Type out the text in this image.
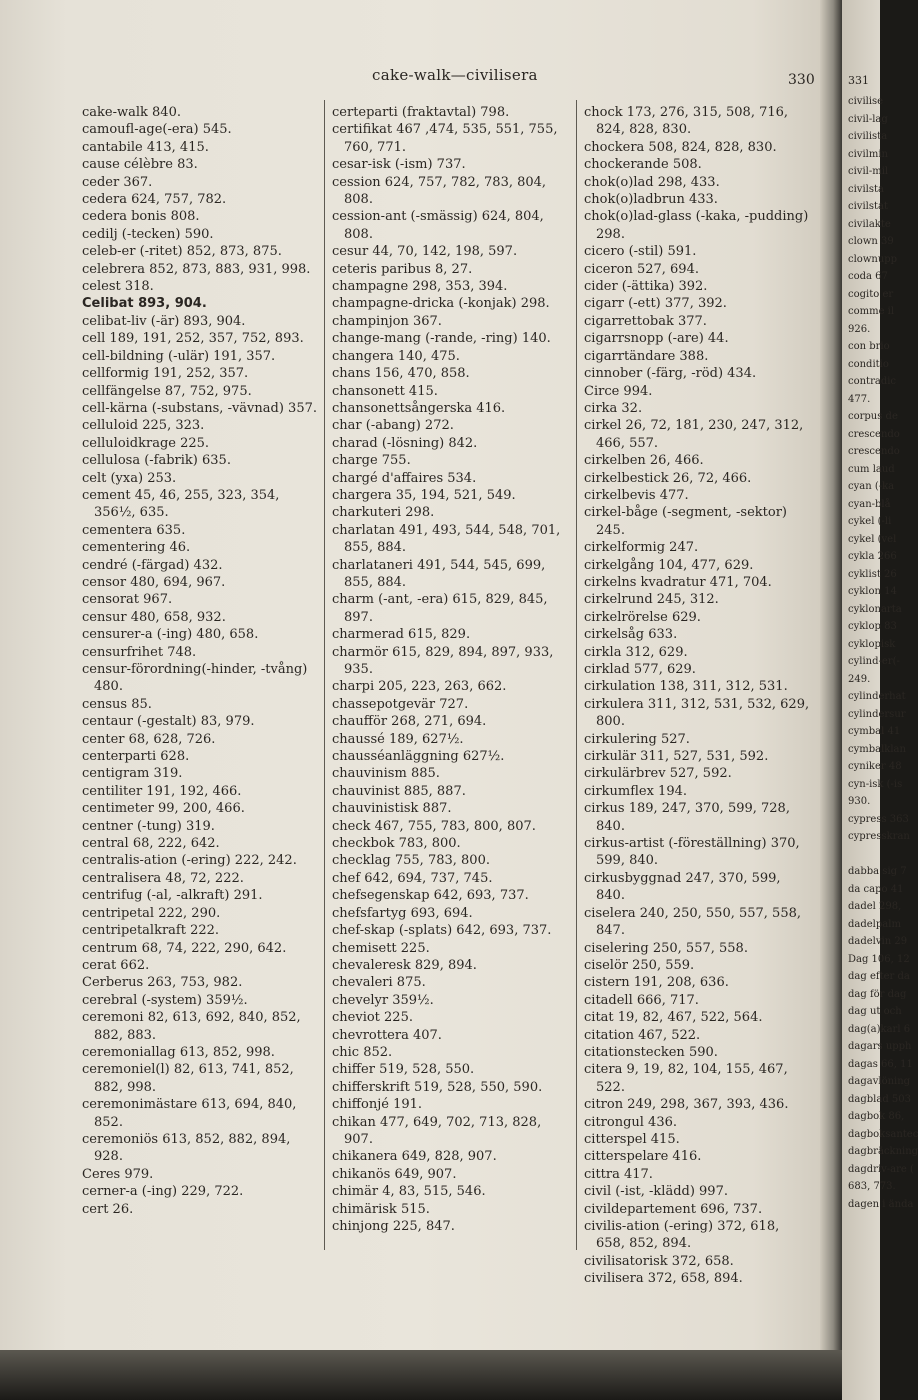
cake-walk—civilisera	330

cake-walk 840.

camoufl-age(-era) 545.

cantabile 413, 415.

cause célèbre 83.

ceder 367.

cedera 624, 757, 782.

cedera bonis 808.

cedilj (-tecken) 590.

celeb-er (-ritet) 852, 873, 875.

celebrera 852, 873, 883, 931, 998.

celest 318.

Celibat 893, 904.

celibat-liv (-är) 893, 904.

cell 189, 191, 252, 357, 752, 893.

cell-bildning (-ulär) 191, 357.

cellformig 191, 252, 357.

cellfängelse 87, 752, 975.

cell-kärna (-substans, -vävnad) 357.

celluloid 225, 323.

celluloidkrage 225.

cellulosa (-fabrik) 635.

celt (yxa) 253.

cement 45, 46, 255, 323, 354, 356½, 635.

cementera 635.

cementering 46.

cendré (-färgad) 432.

censor 480, 694, 967.

censorat 967.

censur 480, 658, 932.

censurer-a (-ing) 480, 658.

censurfrihet 748.

censur-förordning(-hinder, -tvång) 480.

census 85.

centaur (-gestalt) 83, 979.

center 68, 628, 726.

centerparti 628.

centigram 319.

centiliter 191, 192, 466.

centimeter 99, 200, 466.

centner (-tung) 319.

central 68, 222, 642.

centralis-ation (-ering) 222, 242.

centralisera 48, 72, 222.

centrifug (-al, -alkraft) 291.

centripetal 222, 290.

centripetalkraft 222.

centrum 68, 74, 222, 290, 642.

cerat 662.

Cerberus 263, 753, 982.

cerebral (-system) 359½.

ceremoni 82, 613, 692, 840, 852, 882, 883.

ceremoniallag 613, 852, 998.

ceremoniel(l) 82, 613, 741, 852, 882, 998.

ceremonimästare 613, 694, 840, 852.

ceremoniös 613, 852, 882, 894, 928.

Ceres 979.

cerner-a (-ing) 229, 722.

cert 26.

certeparti (fraktavtal) 798.

certifikat 467 ,474, 535, 551, 755, 760, 771.

cesar-isk (-ism) 737.

cession 624, 757, 782, 783, 804, 808.

cession-ant (-smässig) 624, 804, 808.

cesur 44, 70, 142, 198, 597.

ceteris paribus 8, 27.

champagne 298, 353, 394.

champagne-dricka (-konjak) 298.

champinjon 367.

change-mang (-rande, -ring) 140.

changera 140, 475.

chans 156, 470, 858.

chansonett 415.

chansonettsångerska 416.

char (-abang) 272.

charad (-lösning) 842.

charge 755.

chargé d'affaires 534.

chargera 35, 194, 521, 549.

charkuteri 298.

charlatan 491, 493, 544, 548, 701, 855, 884.

charlataneri 491, 544, 545, 699, 855, 884.

charm (-ant, -era) 615, 829, 845, 897.

charmerad 615, 829.

charmör 615, 829, 894, 897, 933, 935.

charpi 205, 223, 263, 662.

chassepotgevär 727.

chaufför 268, 271, 694.

chaussé 189, 627½.

chausséanläggning 627½.

chauvinism 885.

chauvinist 885, 887.

chauvinistisk 887.

check 467, 755, 783, 800, 807.

checkbok 783, 800.

checklag 755, 783, 800.

chef 642, 694, 737, 745.

chefsegenskap 642, 693, 737.

chefsfartyg 693, 694.

chef-skap (-splats) 642, 693, 737.

chemisett 225.

chevaleresk 829, 894.

chevaleri 875.

chevelyr 359½.

cheviot 225.

chevrottera 407.

chic 852.

chiffer 519, 528, 550.

chifferskrift 519, 528, 550, 590.

chiffonjé 191.

chikan 477, 649, 702, 713, 828, 907.

chikanera 649, 828, 907.

chikanös 649, 907.

chimär 4, 83, 515, 546.

chimärisk 515.

chinjong 225, 847.

chock 173, 276, 315, 508, 716, 824, 828, 830.

chockera 508, 824, 828, 830.

chockerande 508.

chok(o)lad 298, 433.

chok(o)ladbrun 433.

chok(o)lad-glass (-kaka, -pudding) 298.

cicero (-stil) 591.

ciceron 527, 694.

cider (-ättika) 392.

cigarr (-ett) 377, 392.

cigarrettobak 377.

cigarrsnopp (-are) 44.

cigarrtändare 388.

cinnober (-färg, -röd) 434.

Circe 994.

cirka 32.

cirkel 26, 72, 181, 230, 247, 312, 466, 557.

cirkelben 26, 466.

cirkelbestick 26, 72, 466.

cirkelbevis 477.

cirkel-båge (-segment, -sektor) 245.

cirkelformig 247.

cirkelgång 104, 477, 629.

cirkelns kvadratur 471, 704.

cirkelrund 245, 312.

cirkelrörelse 629.

cirkelsåg 633.

cirkla 312, 629.

cirklad 577, 629.

cirkulation 138, 311, 312, 531.

cirkulera 311, 312, 531, 532, 629, 800.

cirkulering 527.

cirkulär 311, 527, 531, 592.

cirkulärbrev 527, 592.

cirkumflex 194.

cirkus 189, 247, 370, 599, 728, 840.

cirkus-artist (-föreställning) 370, 599, 840.

cirkusbyggnad 247, 370, 599, 840.

ciselera 240, 250, 550, 557, 558, 847.

ciselering 250, 557, 558.

ciselör 250, 559.

cistern 191, 208, 636.

citadell 666, 717.

citat 19, 82, 467, 522, 564.

citation 467, 522.

citationstecken 590.

citera 9, 19, 82, 104, 155, 467, 522.

citron 249, 298, 367, 393, 436.

citrongul 436.

citterspel 415.

citterspelare 416.

cittra 417.

civil (-ist, -klädd) 997.

civildepartement 696, 737.

civilis-ation (-ering) 372, 618, 658, 852, 894.

civilisatorisk 372, 658.

civilisera 372, 658, 894.

331
civilise
civil-lag
civilista
civilmin
civil-mil
civilsta
civilstat
civilakte
clown 39
clownupp
coda 67
cogito er
comme il
926.
con brio
conditio
contradic
477.
corpus de
crescendo
crescendo
cum laud
cyan (-ka
cyan-blå
cykel (-li
cykel (vel
cykla 266
cyklist 26
cyklon 14
cyklonarta
cyklop 83
cyklopisk
cylind-er(-
249.
cylinderhat
cylindersur
cymbal 41
cymbalklan
cyniker 48
cyn-isk (-is
930.
cypress 363
cypresskran

dabba sig 7
da capo 41
dadel 298,
dadelpalm
dadelvin 29
Dag 106, 12
dag efter da
dag för dag
dag ut och
dag(a)karl 6
dagars upph
dagas 66, 11
dagavlöning
dagblad 503
dagbok 86,
dagboksantec
dagbräckning
dagdriv-are (
683, 773.
dagen i ända
